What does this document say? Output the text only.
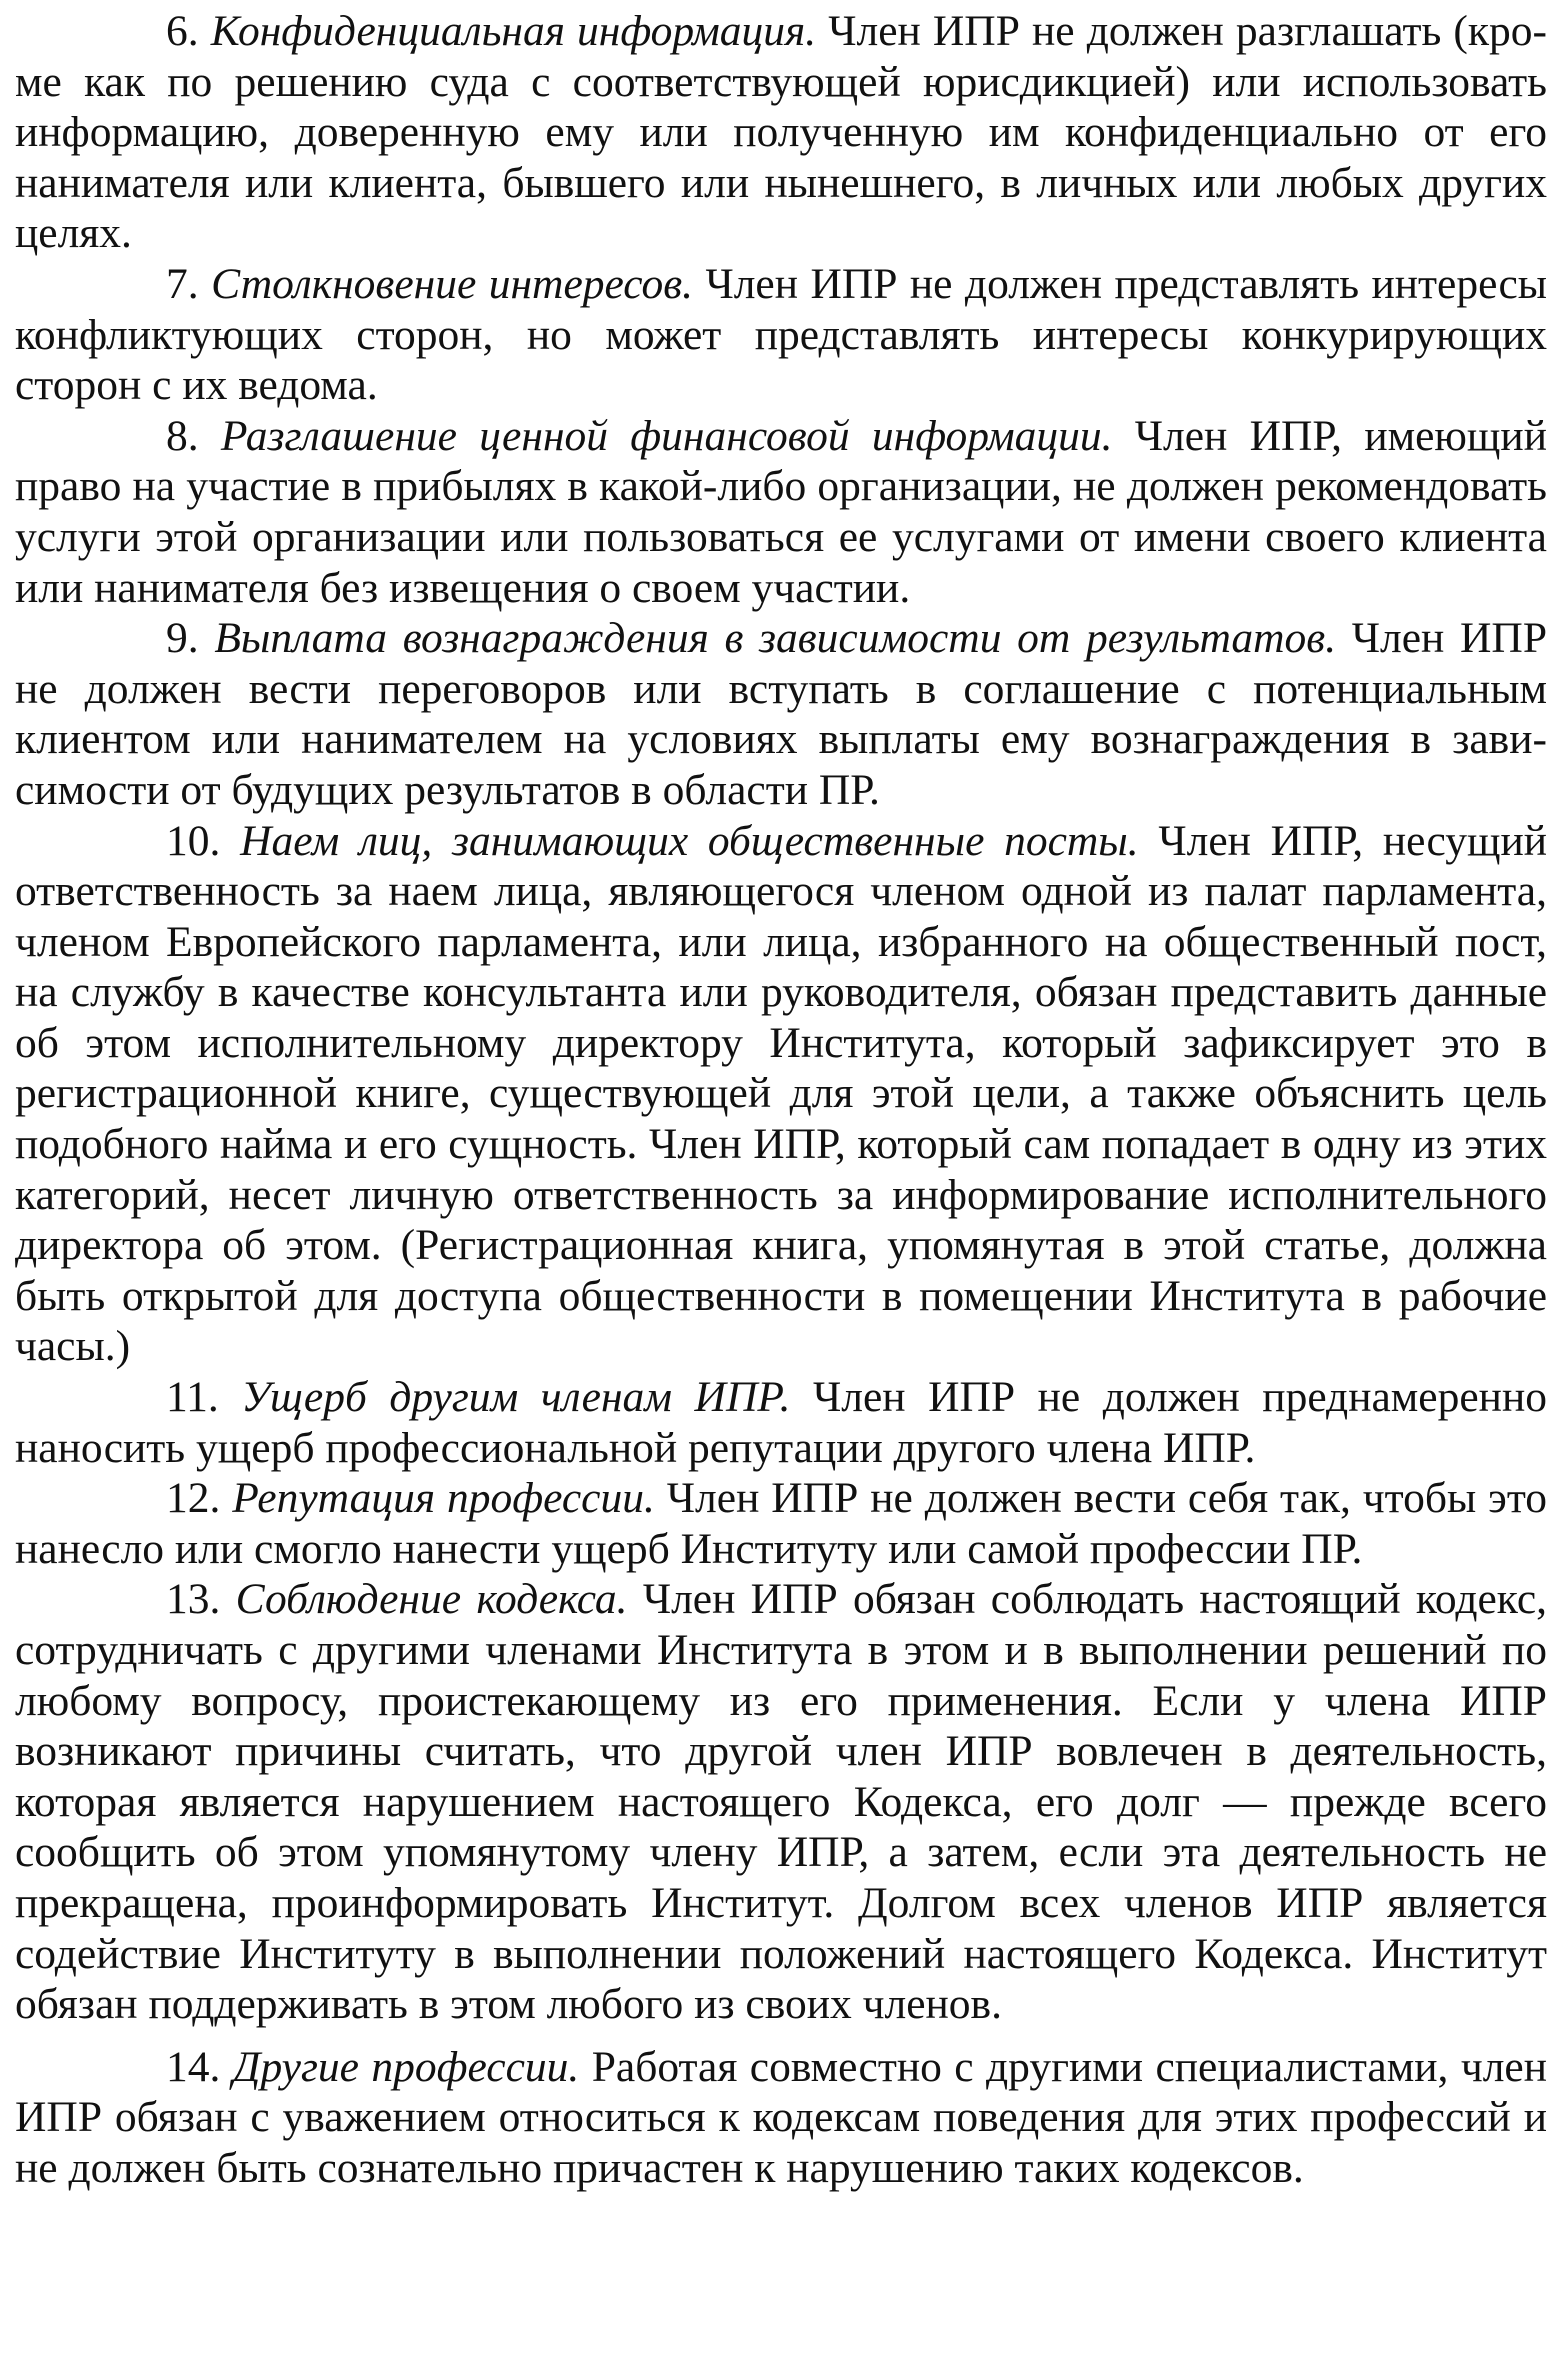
6. Конфиденциальная информация. Член ИПР не должен разглашать (кроме как по решению суда с соответствующей юрисдикцией) или использовать информацию, доверенную ему или полученную им конфиденциально от его нанимателя или клиента, бывшего или нынешнего, в личных или любых других целях.

7. Столкновение интересов. Член ИПР не должен представлять интересы конфликтующих сторон, но может представлять интересы конкурирующих сторон с их ведома.

8. Разглашение ценной финансовой информации. Член ИПР, имеющий право на участие в прибылях в какой-либо организации, не должен рекомендовать услуги этой организации или пользоваться ее услугами от имени своего клиента или нанимателя без извещения о своем участии.

9. Выплата вознаграждения в зависимости от результатов. Член ИПР не должен вести переговоров или вступать в соглашение с потенциальным клиентом или нанимателем на условиях выплаты ему вознаграждения в зависимости от будущих результатов в области ПР.

10. Наем лиц, занимающих общественные посты. Член ИПР, несущий ответственность за наем лица, являющегося членом одной из палат парламента, членом Европейского парламента, или лица, избранного на общественный пост, на службу в качестве консультанта или руководителя, обязан представить данные об этом исполнительному директору Института, который зафиксирует это в регистрационной книге, существующей для этой цели, а также объяснить цель подобного найма и его сущность. Член ИПР, который сам попадает в одну из этих категорий, несет личную ответственность за информирование исполнительного директора об этом. (Регистрационная книга, упомянутая в этой статье, должна быть открытой для доступа общественности в помещении Института в рабочие часы.)

11. Ущерб другим членам ИПР. Член ИПР не должен преднамеренно наносить ущерб профессиональной репутации другого члена ИПР.

12. Репутация профессии. Член ИПР не должен вести себя так, чтобы это нанесло или смогло нанести ущерб Институту или самой профессии ПР.

13. Соблюдение кодекса. Член ИПР обязан соблюдать настоящий кодекс, сотрудничать с другими членами Института в этом и в выполнении решений по любому вопросу, проистекающему из его применения. Если у члена ИПР возникают причины считать, что другой член ИПР вовлечен в деятельность, которая является нарушением настоящего Кодекса, его долг — прежде всего сообщить об этом упомянутому члену ИПР, а затем, если эта деятельность не прекращена, проинформировать Институт. Долгом всех членов ИПР является содействие Институту в выполнении положений настоящего Кодекса. Институт обязан поддерживать в этом любого из своих членов.

14. Другие профессии. Работая совместно с другими специалистами, член ИПР обязан с уважением относиться к кодексам поведения для этих профессий и не должен быть сознательно причастен к нарушению таких кодексов.
